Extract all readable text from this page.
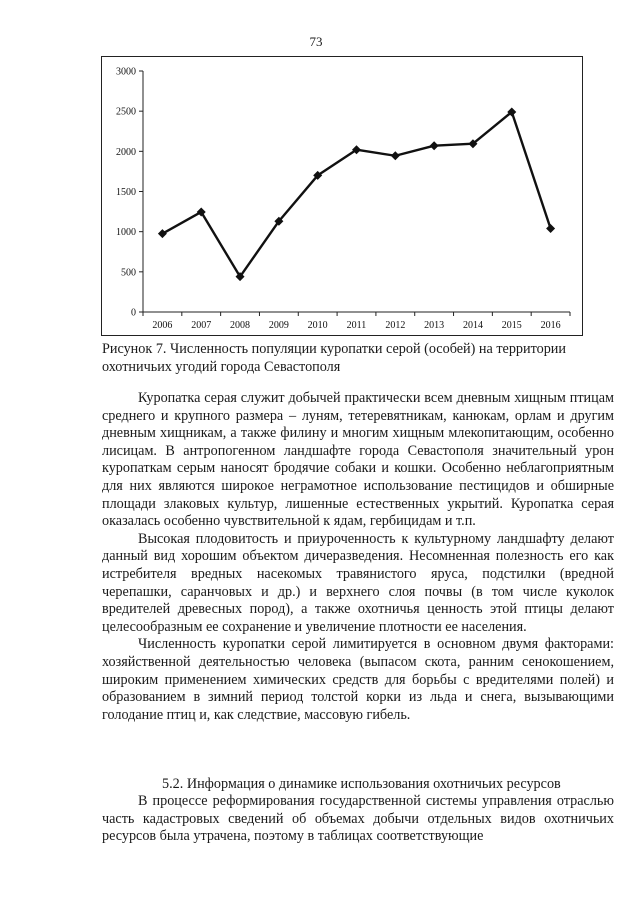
73
0
500
1000
1500
2000
2500
3000
2006 2007 2008 2009 2010 2011 2012 2013 2014 2015 2016
Рисунок 7. Численность популяции куропатки серой (особей) на территории охотничьих угодий города Севастополя

Куропатка серая служит добычей практически всем дневным хищным птицам среднего и крупного размера – луням, тетеревятникам, канюкам, орлам и другим дневным хищникам, а также филину и многим хищным млекопитающим, особенно лисицам. В антропогенном ландшафте города Севастополя значительный урон куропаткам серым наносят бродячие собаки и кошки. Особенно неблагоприятным для них являются широкое неграмотное использование пестицидов и обширные площади злаковых культур, лишенные естественных укрытий. Куропатка серая оказалась особенно чувствительной к ядам, гербицидам и т.п.

Высокая плодовитость и приуроченность к культурному ландшафту делают данный вид хорошим объектом дичеразведения. Несомненная полезность его как истребителя вредных насекомых травянистого яруса, подстилки (вредной черепашки, саранчовых и др.) и верхнего слоя почвы (в том числе куколок вредителей древесных пород), а также охотничья ценность этой птицы делают целесообразным ее сохранение и увеличение плотности ее населения.

Численность куропатки серой лимитируется в основном двумя факторами: хозяйственной деятельностью человека (выпасом скота, ранним сенокошением, широким применением химических средств для борьбы с вредителями полей) и образованием в зимний период толстой корки из льда и снега, вызывающими голодание птиц и, как следствие, массовую гибель.

5.2. Информация о динамике использования охотничьих ресурсов

В процессе реформирования государственной системы управления отраслью часть кадастровых сведений об объемах добычи отдельных видов охотничьих ресурсов была утрачена, поэтому в таблицах соответствующие
